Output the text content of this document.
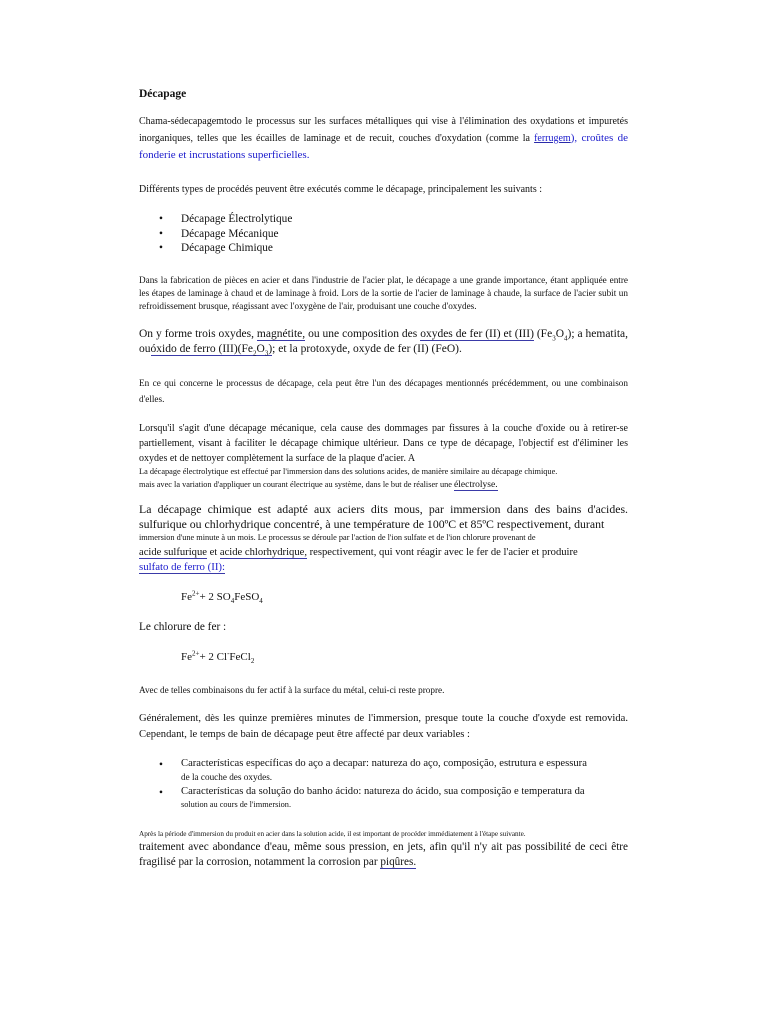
Décapage

Chama-sédecapagemtodo le processus sur les surfaces métalliques qui vise à l'élimination des oxydations et impuretés inorganiques, telles que les écailles de laminage et de recuit, couches d'oxydation (comme la ferrugem), croûtes de fonderie et incrustations superficielles.

Différents types de procédés peuvent être exécutés comme le décapage, principalement les suivants :

• Décapage Électrolytique
• Décapage Mécanique
• Décapage Chimique

Dans la fabrication de pièces en acier et dans l'industrie de l'acier plat, le décapage a une grande importance, étant appliquée entre les étapes de laminage à chaud et de laminage à froid. Lors de la sortie de l'acier de laminage à chaude, la surface de l'acier subit un refroidissement brusque, réagissant avec l'oxygène de l'air, produisant une couche d'oxydes.

On y forme trois oxydes, magnétite, ou une composition des oxydes de fer (II) et (III) $(Fe_3O_4)$; a hematita, ouóxido de ferro $(III)(Fe_2O_3)$; et la protoxyde, oxyde de fer (II) (FeO).

En ce qui concerne le processus de décapage, cela peut être l'un des décapages mentionnés précédemment, ou une combinaison d'elles.

Lorsqu'il s'agit d'une décapage mécanique, cela cause des dommages par fissures à la couche d'oxide ou à retirer-se partiellement, visant à faciliter le décapage chimique ultérieur. Dans ce type de décapage, l'objectif est d'éliminer les oxydes et de nettoyer complètement la surface de la plaque d'acier. A

La décapage électrolytique est effectué par l'immersion dans des solutions acides, de manière similaire au décapage chimique.

mais avec la variation d'appliquer un courant électrique au système, dans le but de réaliser une électrolyse.

La décapage chimique est adapté aux aciers dits mous, par immersion dans des bains d'acides. sulfurique ou chlorhydrique concentré, à une température de 100ºC et 85ºC respectivement, durant

immersion d'une minute à un mois. Le processus se déroule par l'action de l'ion sulfate et de l'ion chlorure provenant de

acide sulfurique et acide chlorhydrique, respectivement, qui vont réagir avec le fer de l'acier et produire

sulfato de ferro (II):

$Fe^{2+}+ 2$ $SO_4FeSO_4$

Le chlorure de fer :

$Fe^{2+}+ 2$ Cl-FeCl$_2$

Avec de telles combinaisons du fer actif à la surface du métal, celui-ci reste propre.

Généralement, dès les quinze premières minutes de l'immersion, presque toute la couche d'oxyde est removida. Cependant, le temps de bain de décapage peut être affecté par deux variables :

• Características específicas do aço a decapar: natureza do aço, composição, estrutura e espessura
de la couche des oxydes.
• Características da solução do banho ácido: natureza do ácido, sua composição e temperatura da
solution au cours de l'immersion.

Après la période d'immersion du produit en acier dans la solution acide, il est important de procéder immédiatement à l'étape suivante.

traitement avec abondance d'eau, même sous pression, en jets, afin qu'il n'y ait pas possibilité de ceci être fragilisé par la corrosion, notamment la corrosion par piqûres.
